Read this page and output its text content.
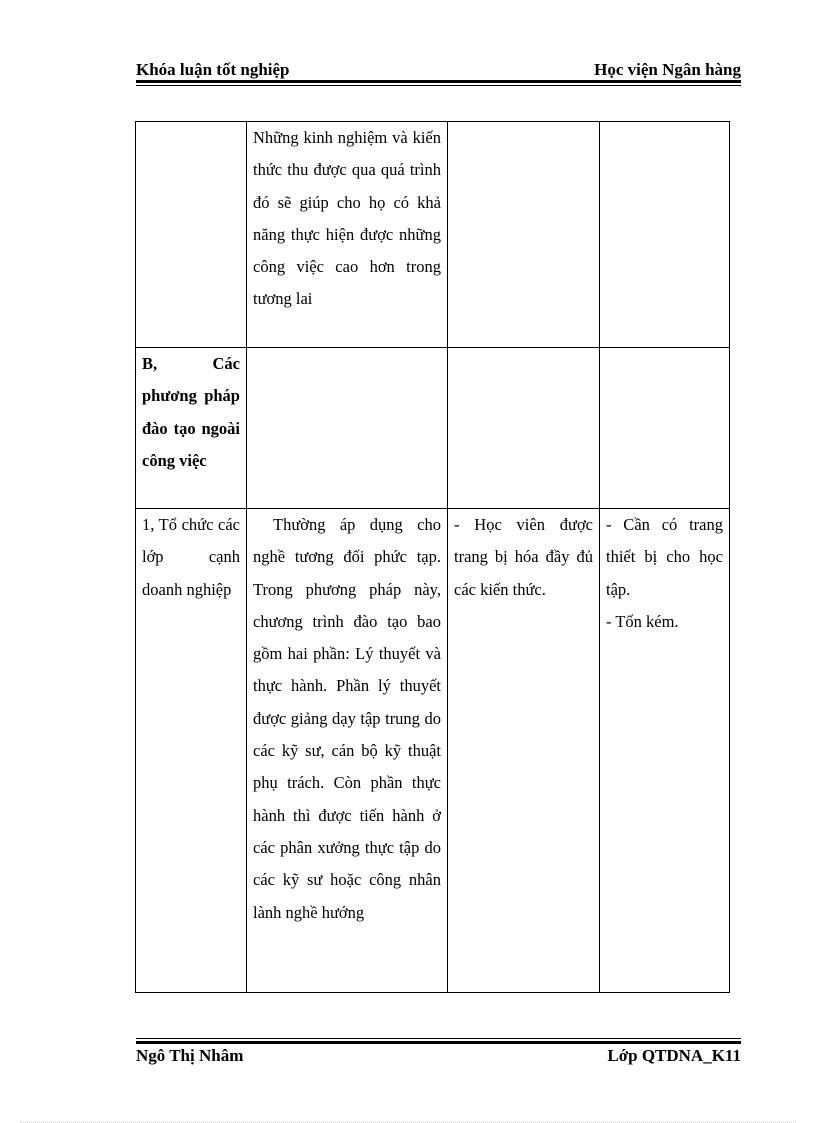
Khóa luận tốt nghiệp	Học viện Ngân hàng
	Những kinh nghiệm và kiến thức thu được qua quá trình đó sẽ giúp cho họ có khả năng thực hiện được những công việc cao hơn trong tương lai		
B, Các phương pháp đào tạo ngoài công việc			
1, Tổ chức các lớp cạnh doanh nghiệp	Thường áp dụng cho nghề tương đối phức tạp. Trong phương pháp này, chương trình đào tạo bao gồm hai phần: Lý thuyết và thực hành. Phần lý thuyết được giảng dạy tập trung do các kỹ sư, cán bộ kỹ thuật phụ trách. Còn phần thực hành thì được tiến hành ở các phân xưởng thực tập do các kỹ sư hoặc công nhân lành nghề hướng	- Học viên được trang bị hóa đầy đủ các kiến thức.	- Cần có trang thiết bị cho học tập.
- Tốn kém.
Ngô Thị Nhâm	Lớp QTDNA_K11
